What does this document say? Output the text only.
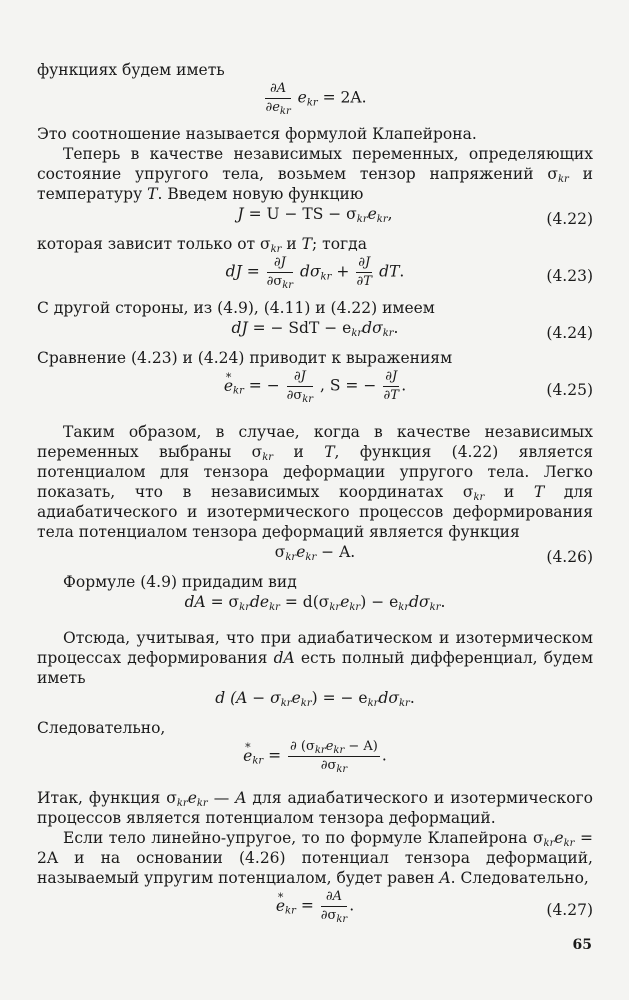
функциях будем иметь

$\frac{\partial A}{\partial e_{kr}} e_{kr} = 2A$.

Это соотношение называется формулой Клапейрона.

Теперь в качестве независимых переменных, определяющих состояние упругого тела, возьмем тензор напряжений $\sigma_{kr}$ и температуру T. Введем новую функцию

J = U − TS − $\sigma_{kr}e_{kr}$,	(4.22)

которая зависит только от $\sigma_{kr}$ и T; тогда

dJ = $\frac{\partial J}{\partial\sigma_{kr}} d\sigma_{kr} + \frac{\partial J}{\partial T}$ dT.	(4.23)

С другой стороны, из (4.9), (4.11) и (4.22) имеем

dJ = − SdT − $e_{kr}d\sigma_{kr}$.	(4.24)

Сравнение (4.23) и (4.24) приводит к выражениям

* $e_{kr}$ = − $\frac{\partial J}{\partial\sigma_{kr}}$ , S = − $\frac{\partial J}{\partial T}$ .	(4.25)

Таким образом, в случае, когда в качестве независимых переменных выбраны $\sigma_{kr}$ и T, функция (4.22) является потенциалом для тензора деформации упругого тела. Легко показать, что в независимых координатах $\sigma_{kr}$ и T для адиабатического и изотермического процессов деформирования тела потенциалом тензора деформаций является функция

$\sigma_{kr}e_{kr} - A$.	(4.26)

Формуле (4.9) придадим вид

dA = $\sigma_{kr}de_{kr} = d(\sigma_{kr}e_{kr}) - e_{kr}d\sigma_{kr}$.

Отсюда, учитывая, что при адиабатическом и изотермическом процессах деформирования dA есть полный дифференциал, будем иметь

d $(A - \sigma_{kr}e_{kr})$ = − $e_{kr}d\sigma_{kr}$.

Следовательно,

* $e_{kr} = \frac{\partial (\sigma_{kr}e_{kr} - A)}{\partial\sigma_{kr}}$ .

Итак, функция $\sigma_{kr}e_{kr}$ — A для адиабатического и изотермического процессов является потенциалом тензора деформаций.

Если тело линейно-упругое, то по формуле Клапейрона $\sigma_{kr}e_{kr} = 2A$ и на основании (4.26) потенциал тензора деформаций, называемый упругим потенциалом, будет равен A. Следовательно,

* $e_{kr} = \frac{\partial A}{\partial\sigma_{kr}}$ .	(4.27)
65
